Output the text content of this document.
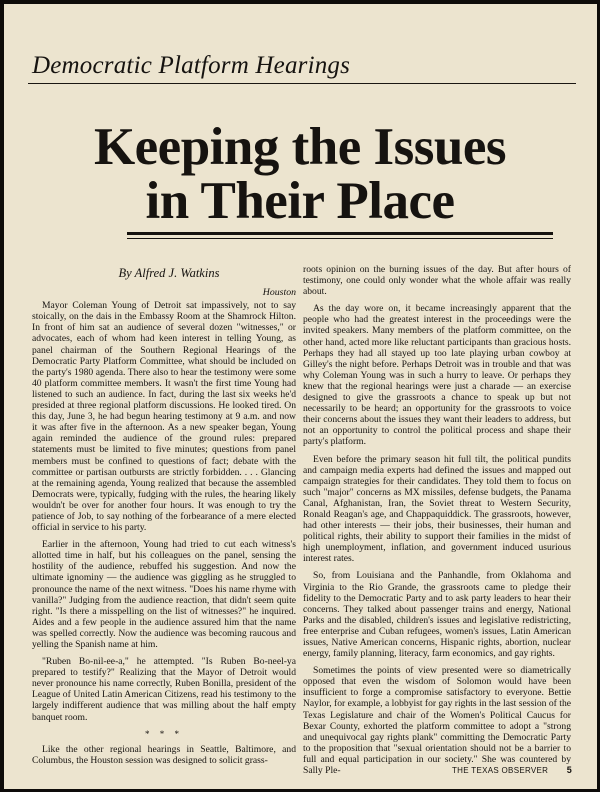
Democratic Platform Hearings
Keeping the Issues
in Their Place
By Alfred J. Watkins
Houston

Mayor Coleman Young of Detroit sat impassively, not to say stoically, on the dais in the Embassy Room at the Shamrock Hilton. In front of him sat an audience of several dozen "witnesses," or advocates, each of whom had keen interest in telling Young, as panel chairman of the Southern Regional Hearings of the Democratic Party Platform Committee, what should be included on the party's 1980 agenda. There also to hear the testimony were some 40 platform committee members. It wasn't the first time Young had listened to such an audience. In fact, during the last six weeks he'd presided at three regional platform discussions. He looked tired. On this day, June 3, he had begun hearing testimony at 9 a.m. and now it was after five in the afternoon. As a new speaker began, Young again reminded the audience of the ground rules: prepared statements must be limited to five minutes; questions from panel members must be confined to questions of fact; debate with the committee or partisan outbursts are strictly forbidden. . . . Glancing at the remaining agenda, Young realized that because the assembled Democrats were, typically, fudging with the rules, the hearing likely wouldn't be over for another four hours. It was enough to try the patience of Job, to say nothing of the forbearance of a mere elected official in service to his party.

Earlier in the afternoon, Young had tried to cut each witness's allotted time in half, but his colleagues on the panel, sensing the hostility of the audience, rebuffed his suggestion. And now the ultimate ignominy — the audience was giggling as he struggled to pronounce the name of the next witness. "Does his name rhyme with vanilla?" Judging from the audience reaction, that didn't seem quite right. "Is there a misspelling on the list of witnesses?" he inquired. Aides and a few people in the audience assured him that the name was spelled correctly. Now the audience was becoming raucous and yelling the Spanish name at him.

"Ruben Bo-nil-ee-a," he attempted. "Is Ruben Bo-neel-ya prepared to testify?" Realizing that the Mayor of Detroit would never pronounce his name correctly, Ruben Bonilla, president of the League of United Latin American Citizens, read his testimony to the largely indifferent audience that was milling about the half empty banquet room.

* * *

Like the other regional hearings in Seattle, Baltimore, and Columbus, the Houston session was designed to solicit grass-

roots opinion on the burning issues of the day. But after hours of testimony, one could only wonder what the whole affair was really about.

As the day wore on, it became increasingly apparent that the people who had the greatest interest in the proceedings were the invited speakers. Many members of the platform committee, on the other hand, acted more like reluctant participants than gracious hosts. Perhaps they had all stayed up too late playing urban cowboy at Gilley's the night before. Perhaps Detroit was in trouble and that was why Coleman Young was in such a hurry to leave. Or perhaps they knew that the regional hearings were just a charade — an exercise designed to give the grassroots a chance to speak up but not necessarily to be heard; an opportunity for the grassroots to voice their concerns about the issues they want their leaders to address, but not an opportunity to control the political process and shape their party's platform.

Even before the primary season hit full tilt, the political pundits and campaign media experts had defined the issues and mapped out campaign strategies for their candidates. They told them to focus on such "major" concerns as MX missiles, defense budgets, the Panama Canal, Afghanistan, Iran, the Soviet threat to Western Security, Ronald Reagan's age, and Chappaquiddick. The grassroots, however, had other interests — their jobs, their businesses, their human and political rights, their ability to support their families in the midst of high unemployment, inflation, and government induced usurious interest rates.

So, from Louisiana and the Panhandle, from Oklahoma and Virginia to the Rio Grande, the grassroots came to pledge their fidelity to the Democratic Party and to ask party leaders to hear their concerns. They talked about passenger trains and energy, National Parks and the disabled, children's issues and legislative redistricting, free enterprise and Cuban refugees, women's issues, Latin American issues, Native American concerns, Hispanic rights, abortion, nuclear energy, family planning, literacy, farm economics, and gay rights.

Sometimes the points of view presented were so diametrically opposed that even the wisdom of Solomon would have been insufficient to forge a compromise satisfactory to everyone. Bettie Naylor, for example, a lobbyist for gay rights in the last session of the Texas Legislature and chair of the Women's Political Caucus for Bexar County, exhorted the platform committee to adopt a "strong and unequivocal gay rights plank" committing the Democratic Party to the proposition that "sexual orientation should not be a barrier to full and equal participation in our society." She was countered by Sally Ple-	THE TEXAS OBSERVER 5
